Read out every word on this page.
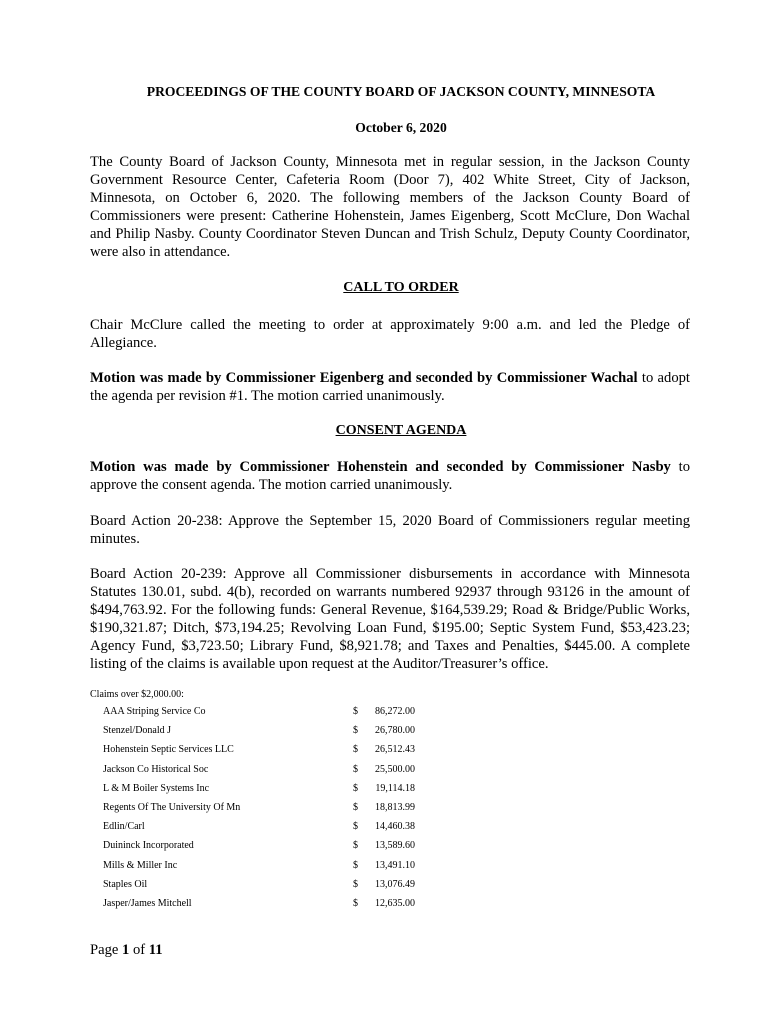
PROCEEDINGS OF THE COUNTY BOARD OF JACKSON COUNTY, MINNESOTA
October 6, 2020

The County Board of Jackson County, Minnesota met in regular session, in the Jackson County Government Resource Center, Cafeteria Room (Door 7), 402 White Street, City of Jackson, Minnesota, on October 6, 2020. The following members of the Jackson County Board of Commissioners were present: Catherine Hohenstein, James Eigenberg, Scott McClure, Don Wachal and Philip Nasby. County Coordinator Steven Duncan and Trish Schulz, Deputy County Coordinator, were also in attendance.

CALL TO ORDER

Chair McClure called the meeting to order at approximately 9:00 a.m. and led the Pledge of Allegiance.

Motion was made by Commissioner Eigenberg and seconded by Commissioner Wachal to adopt the agenda per revision #1. The motion carried unanimously.

CONSENT AGENDA

Motion was made by Commissioner Hohenstein and seconded by Commissioner Nasby to approve the consent agenda. The motion carried unanimously.

Board Action 20-238: Approve the September 15, 2020 Board of Commissioners regular meeting minutes.

Board Action 20-239: Approve all Commissioner disbursements in accordance with Minnesota Statutes 130.01, subd. 4(b), recorded on warrants numbered 92937 through 93126 in the amount of $494,763.92. For the following funds: General Revenue, $164,539.29; Road & Bridge/Public Works, $190,321.87; Ditch, $73,194.25; Revolving Loan Fund, $195.00; Septic System Fund, $53,423.23; Agency Fund, $3,723.50; Library Fund, $8,921.78; and Taxes and Penalties, $445.00. A complete listing of the claims is available upon request at the Auditor/Treasurer’s office.

Claims over $2,000.00:
AAA Striping Service Co	$ 86,272.00
Stenzel/Donald J	$ 26,780.00
Hohenstein Septic Services LLC	$ 26,512.43
Jackson Co Historical Soc	$ 25,500.00
L & M Boiler Systems Inc	$ 19,114.18
Regents Of The University Of Mn	$ 18,813.99
Edlin/Carl	$ 14,460.38
Duininck Incorporated	$ 13,589.60
Mills & Miller Inc	$ 13,491.10
Staples Oil	$ 13,076.49
Jasper/James Mitchell	$ 12,635.00
Page 1 of 11
